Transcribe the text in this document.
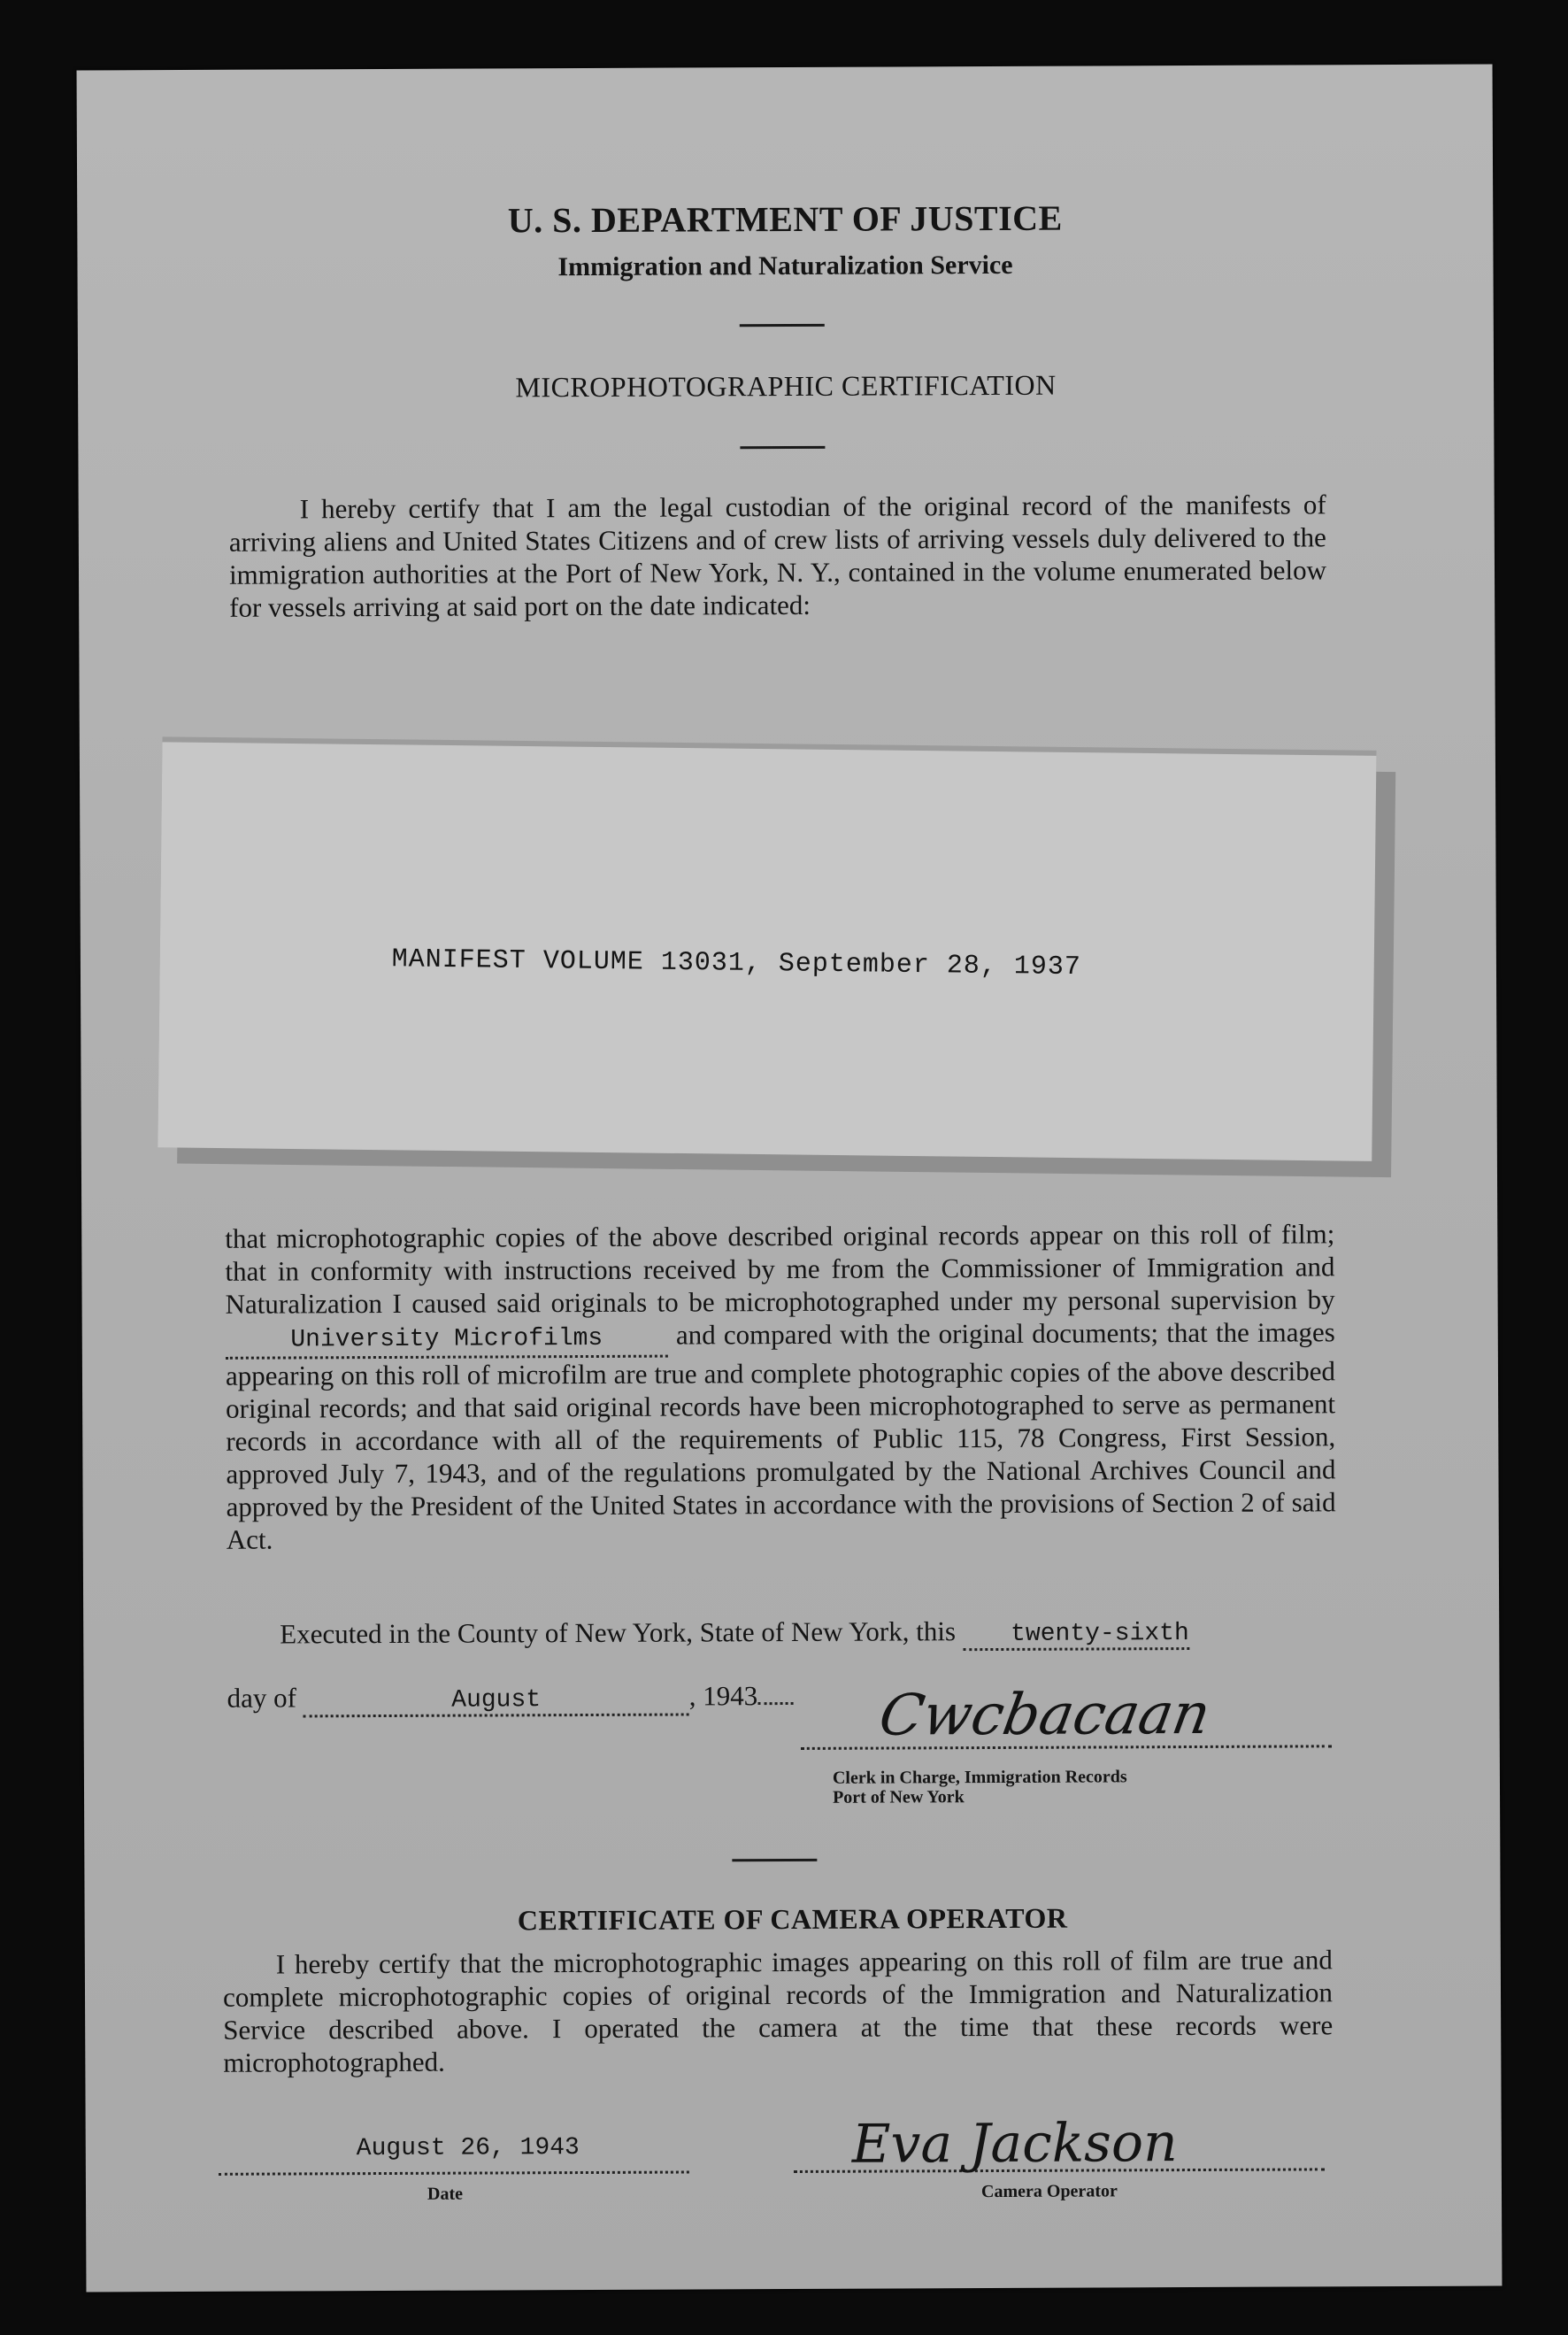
U. S. DEPARTMENT OF JUSTICE
Immigration and Naturalization Service
MICROPHOTOGRAPHIC CERTIFICATION
I hereby certify that I am the legal custodian of the original record of the manifests of arriving aliens and United States Citizens and of crew lists of arriving vessels duly delivered to the immigration authorities at the Port of New York, N. Y., contained in the volume enumerated below for vessels arriving at said port on the date indicated:
MANIFEST VOLUME 13031, September 28, 1937
that microphotographic copies of the above described original records appear on this roll of film; that in conformity with instructions received by me from the Commissioner of Immigration and Naturalization I caused said originals to be microphotographed under my personal supervision by University Microfilms	and compared with the original documents; that the images appearing on this roll of microfilm are true and complete photographic copies of the above described original records; and that said original records have been microphotographed to serve as permanent records in accordance with all of the requirements of Public 115, 78 Congress, First Session, approved July 7, 1943, and of the regulations promulgated by the National Archives Council and approved by the President of the United States in accordance with the provisions of Section 2 of said Act.
Executed in the County of New York, State of New York, this twenty-sixth
day of	August	, 1943	Cwcbacaan
Clerk in Charge, Immigration Records
Port of New York
CERTIFICATE OF CAMERA OPERATOR
I hereby certify that the microphotographic images appearing on this roll of film are true and complete microphotographic copies of original records of the Immigration and Naturalization Service described above. I operated the camera at the time that these records were microphotographed.
August 26, 1943
Date
Eva Jackson
Camera Operator
